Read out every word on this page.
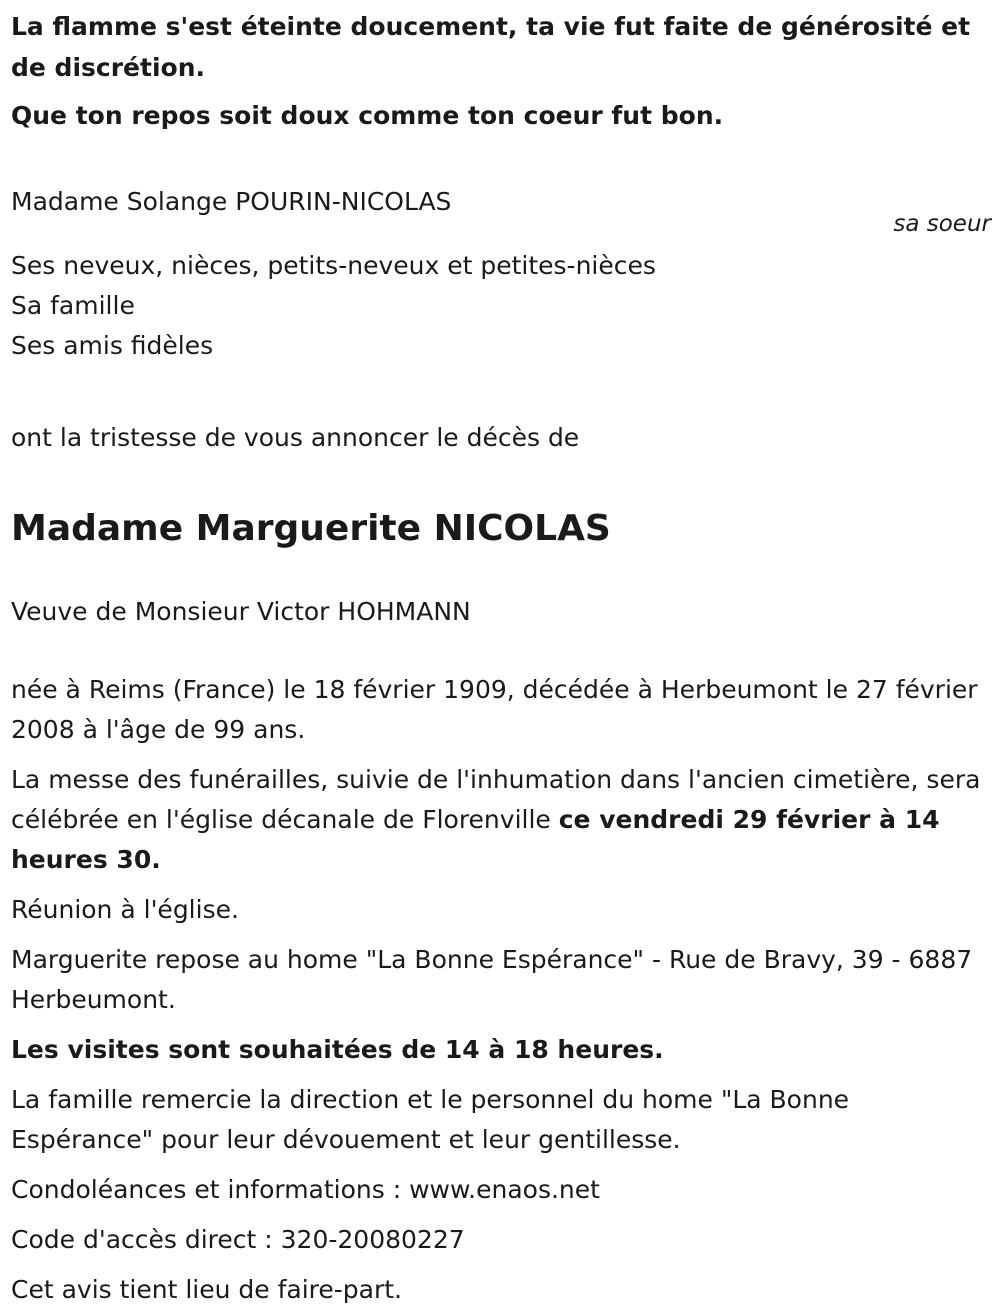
La flamme s'est éteinte doucement, ta vie fut faite de générosité et de discrétion.

Que ton repos soit doux comme ton coeur fut bon.

Madame Solange POURIN-NICOLAS

sa soeur

Ses neveux, nièces, petits-neveux et petites-nièces

Sa famille

Ses amis fidèles

ont la tristesse de vous annoncer le décès de

Madame Marguerite NICOLAS

Veuve de Monsieur Victor HOHMANN

née à Reims (France) le 18 février 1909, décédée à Herbeumont le 27 février 2008 à l'âge de 99 ans.

La messe des funérailles, suivie de l'inhumation dans l'ancien cimetière, sera célébrée en l'église décanale de Florenville ce vendredi 29 février à 14 heures 30.

Réunion à l'église.

Marguerite repose au home "La Bonne Espérance" - Rue de Bravy, 39 - 6887 Herbeumont.

Les visites sont souhaitées de 14 à 18 heures.

La famille remercie la direction et le personnel du home "La Bonne Espérance" pour leur dévouement et leur gentillesse.

Condoléances et informations : www.enaos.net

Code d'accès direct : 320-20080227

Cet avis tient lieu de faire-part.
